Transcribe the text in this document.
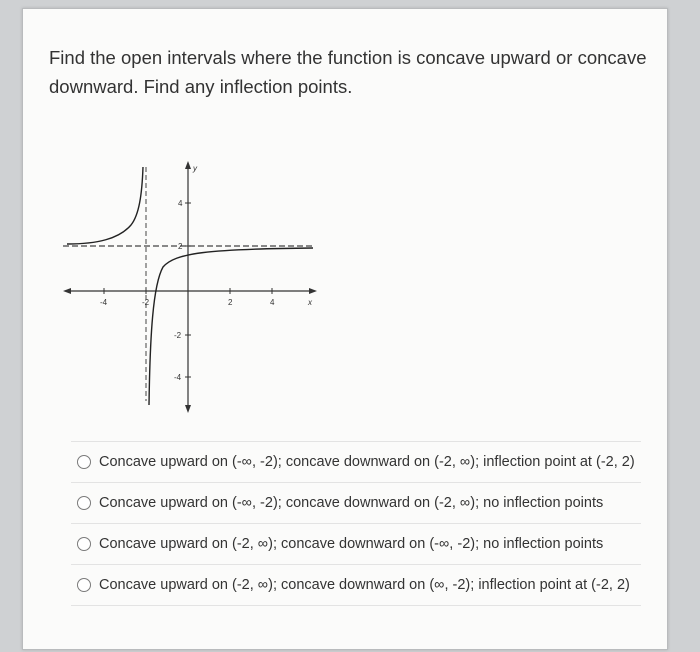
Find the open intervals where the function is concave upward or concave downward. Find any inflection points.
-4	-2	2	4
4
2
-2
-4
x
y
Concave upward on (-∞, -2); concave downward on (-2, ∞); inflection point at (-2, 2)
Concave upward on (-∞, -2); concave downward on (-2, ∞); no inflection points
Concave upward on (-2, ∞); concave downward on (-∞, -2); no inflection points
Concave upward on (-2, ∞); concave downward on (∞, -2); inflection point at (-2, 2)
